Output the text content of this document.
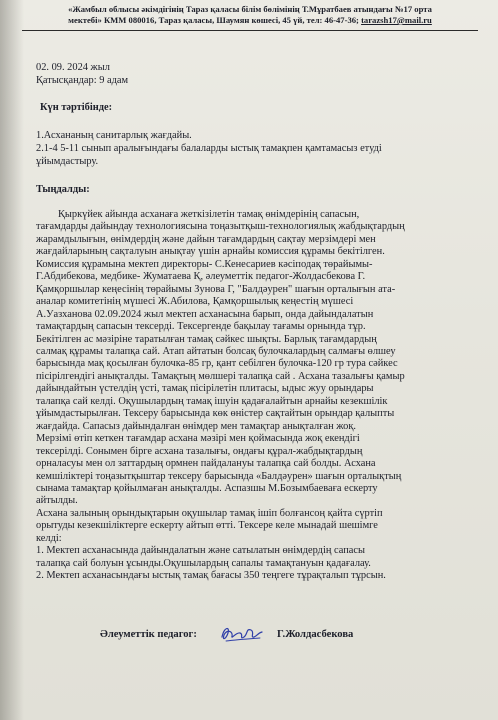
«Жамбыл облысы әкімдігінің Тараз қаласы білім бөлімінің Т.Мұратбаев атындағы №17 орта
мектебі» КММ 080016, Тараз қаласы, Шаумян көшесі, 45 үй, тел: 46-47-36; tarazsh17@mail.ru
02. 09. 2024 жыл
Қатысқандар: 9 адам
Күн тәртібінде:
1.Асхананың санитарлық жағдайы.
2.1-4 5-11 сынып аралығындағы балаларды ыстық тамақпен қамтамасыз етуді
ұйымдастыру.
Тыңдалды:

Қыркүйек айында асханаға жеткізілетін тамақ өнімдерінің сапасын,

тағамдарды дайындау технологиясына тоңазытқыш-технологиялық жабдықтардың

жарамдылығын, өнімдердің және дайын тағамдардың сақтау мерзімдері мен

жағдайларының сақталуын анықтау үшін арнайы комиссия құрамы бекітілген.

Комиссия құрамына мектеп директоры- С.Кенесариев кәсіподақ төрайымы-

Г.Абдибекова, медбике- Жуматаева Қ, әлеуметтік педагог-Жолдасбекова Г.

Қамқоршылар кеңесінің төрайымы Зунова Г, "Балдәурен" шағын орталығын ата-

аналар комитетінің мүшесі Ж.Абилова, Қамқоршылық кеңестің мүшесі

А.Уазханова 02.09.2024 жыл мектеп асханасына барып, онда дайындалатын

тамақтардың сапасын тексерді. Тексергенде бақылау тағамы орнында тұр.

Бекітілген ас мәзіріне таратылған тамақ сәйкес шықты. Барлық тағамдардың

салмақ құрамы талапқа сай. Атап айтатын болсақ булочкалардың салмағы өлшеу

барысында мақ қосылған булочка-85 гр, қант себілген булочка-120 гр тура сәйкес

пісірілгендігі анықталды. Тамақтың мөлшері талапқа сай . Асхана тазалығы қамыр

дайындайтын үстелдің үсті, тамақ пісірілетін плитасы, ыдыс жуу орындары

талапқа сай келді. Оқушылардың тамақ ішуін қадағалайтын арнайы кезекшілік

ұйымдастырылған. Тексеру барысында көк өністер сақтайтын орындар қалыпты

жағдайда. Сапасыз дайындалған өнімдер мен тамақтар анықталған жоқ.

Мерзімі өтіп кеткен тағамдар асхана мәзірі мен қоймасында жоқ екендігі

тексерілді. Сонымен бірге асхана тазалығы, ондағы құрал-жабдықтардың

орналасуы мен ол заттардың ормнен пайдалануы талапқа сай болды. Асхана

кемшіліктері тоңазытқыштар тексеру барысында «Балдәурен» шағын орталықтың

сынама тамақтар қойылмаған анықталды. Аспазшы М.Бозымбаеваға ескерту

айтылды.

Асхана залының орындықтарын оқушылар тамақ ішіп болғансоң қайта сүртіп

орытуды кезекшіліктерге ескерту айтып өтті. Тексере келе мынадай шешімге

келді:

1. Мектеп асханасында дайындалатын және сатылатын өнімдердің сапасы

талапқа сай болуын ұсынды.Оқушылардың сапалы тамақтануын қадағалау.

2. Мектеп асханасындағы ыстық тамақ бағасы 350 теңгеге тұрақталып тұрсын.

Әлеуметтік педагог:	Г.Жолдасбекова
